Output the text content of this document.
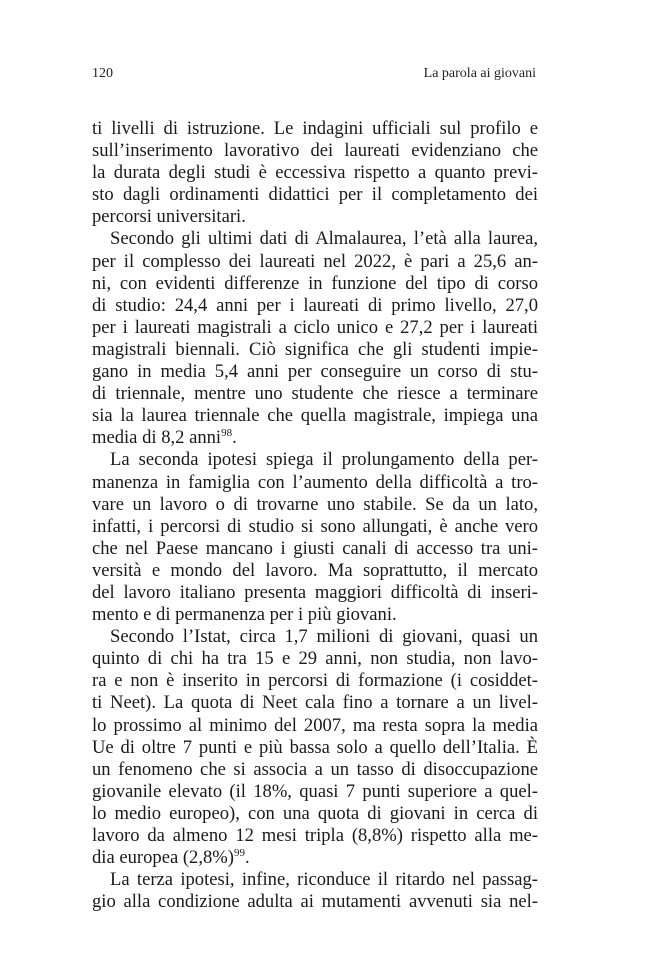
120	La parola ai giovani

ti livelli di istruzione. Le indagini ufficiali sul profilo e
sull’inserimento lavorativo dei laureati evidenziano che
la durata degli studi è eccessiva rispetto a quanto previ-
sto dagli ordinamenti didattici per il completamento dei
percorsi universitari.

Secondo gli ultimi dati di Almalaurea, l’età alla laurea,
per il complesso dei laureati nel 2022, è pari a 25,6 an-
ni, con evidenti differenze in funzione del tipo di corso
di studio: 24,4 anni per i laureati di primo livello, 27,0
per i laureati magistrali a ciclo unico e 27,2 per i laureati
magistrali biennali. Ciò significa che gli studenti impie-
gano in media 5,4 anni per conseguire un corso di stu-
di triennale, mentre uno studente che riesce a terminare
sia la laurea triennale che quella magistrale, impiega una
media di 8,2 anni$^{98}$.

La seconda ipotesi spiega il prolungamento della per-
manenza in famiglia con l’aumento della difficoltà a tro-
vare un lavoro o di trovarne uno stabile. Se da un lato,
infatti, i percorsi di studio si sono allungati, è anche vero
che nel Paese mancano i giusti canali di accesso tra uni-
versità e mondo del lavoro. Ma soprattutto, il mercato
del lavoro italiano presenta maggiori difficoltà di inseri-
mento e di permanenza per i più giovani.

Secondo l’Istat, circa 1,7 milioni di giovani, quasi un
quinto di chi ha tra 15 e 29 anni, non studia, non lavo-
ra e non è inserito in percorsi di formazione (i cosiddet-
ti Neet). La quota di Neet cala fino a tornare a un livel-
lo prossimo al minimo del 2007, ma resta sopra la media
Ue di oltre 7 punti e più bassa solo a quello dell’Italia. È
un fenomeno che si associa a un tasso di disoccupazione
giovanile elevato (il 18%, quasi 7 punti superiore a quel-
lo medio europeo), con una quota di giovani in cerca di
lavoro da almeno 12 mesi tripla (8,8%) rispetto alla me-
dia europea $(2,8\%)^{99}$.

La terza ipotesi, infine, riconduce il ritardo nel passag-
gio alla condizione adulta ai mutamenti avvenuti sia nel-
